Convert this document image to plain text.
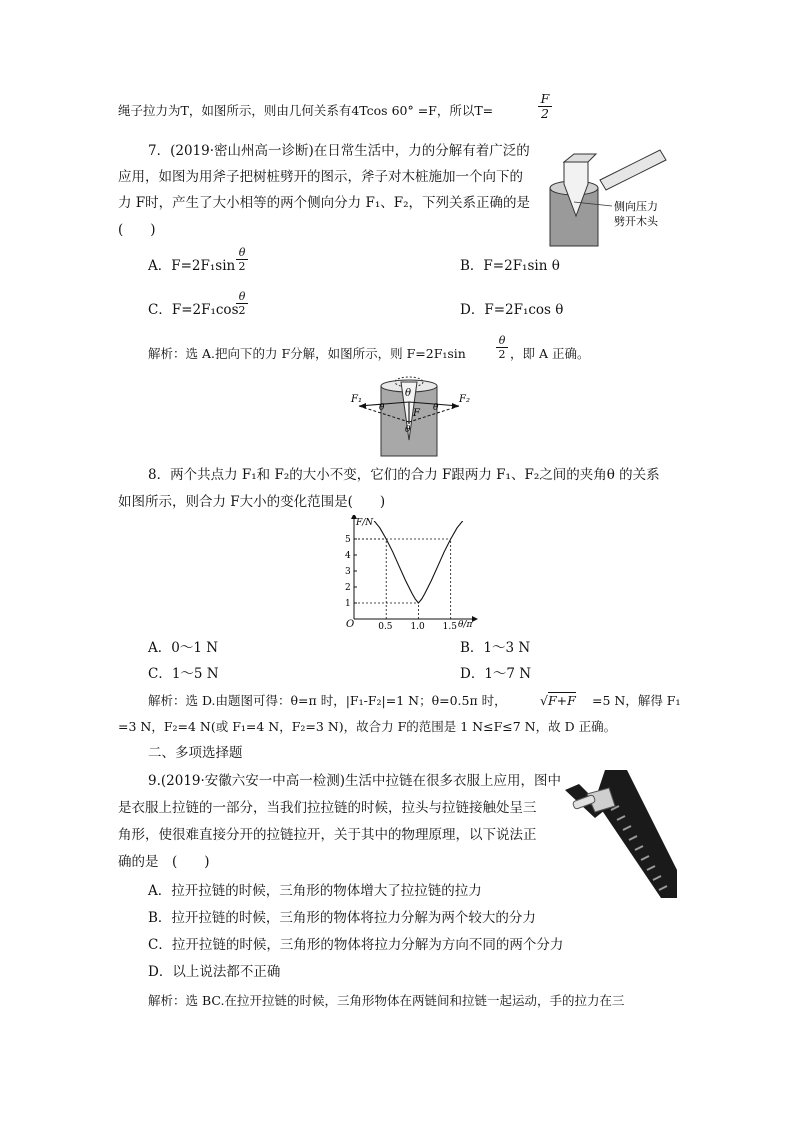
绳子拉力为T，如图所示，则由几何关系有4Tcos 60° =F，所以T=	$\frac{F}{2}$
7．(2019·密山州高一诊断)在日常生活中，力的分解有着广泛的
应用，如图为用斧子把树桩劈开的图示，斧子对木桩施加一个向下的
力 F时，产生了大小相等的两个侧向分力 F₁、F₂，下列关系正确的是
(　　)
侧向压力
劈开木头
A．$F=2F_1\sin \frac{\theta}{2}$	B．F=2F₁sin θ
C．F=2F₁cos
$\frac{\theta}{2}$	D．F=2F₁cos θ
解析：选 A.把向下的力 F分解，如图所示，则 F=2F₁sin	$\frac{\theta}{2}$ ，即 A 正确。
F₁	F₂
F
θ
θ	θ
θ
8．两个共点力 F₁和 F₂的大小不变，它们的合力 F跟两力 F₁、F₂之间的夹角θ 的关系
如图所示，则合力 F大小的变化范围是(　　)
0.5 1.0 1.5
1
2
3
4
5
F/N
θ/π
O
A．0～1 N	B．1～3 N
C．1～5 N	D．1～7 N
解析：选 D.由题图可得：θ=π 时，|F₁-F₂|=1 N；θ=0.5π 时，	√F+F =5 N，解得 F₁
=3 N，F₂=4 N(或 F₁=4 N，F₂=3 N)，故合力 F的范围是 1 N≤F≤7 N，故 D 正确。
二、多项选择题
9.(2019·安徽六安一中高一检测)生活中拉链在很多衣服上应用，图中
是衣服上拉链的一部分，当我们拉拉链的时候，拉头与拉链接触处呈三
角形，使很难直接分开的拉链拉开，关于其中的物理原理，以下说法正
确的是　(　　)
A．拉开拉链的时候，三角形的物体增大了拉拉链的拉力
B．拉开拉链的时候，三角形的物体将拉力分解为两个较大的分力
C．拉开拉链的时候，三角形的物体将拉力分解为方向不同的两个分力
D．以上说法都不正确
解析：选 BC.在拉开拉链的时候，三角形物体在两链间和拉链一起运动，手的拉力在三
